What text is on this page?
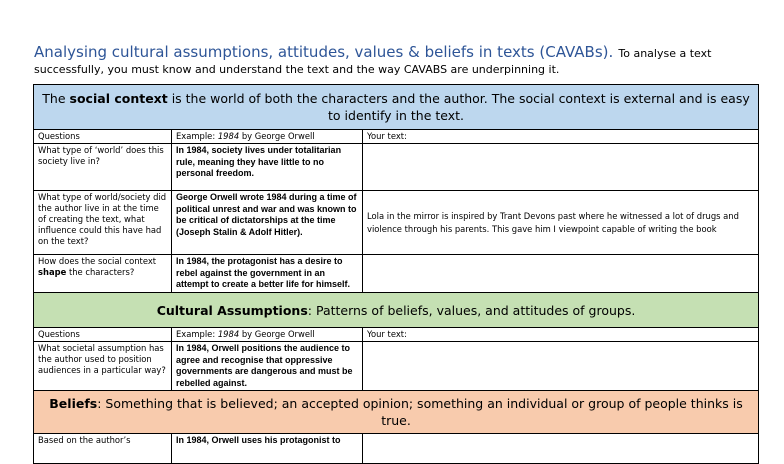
Analysing cultural assumptions, attitudes, values & beliefs in texts (CAVABs). To analyse a text
successfully, you must know and understand the text and the way CAVABS are underpinning it.
The social context is the world of both the characters and the author. The social context is external and is easy to identify in the text.		
Questions	Example: 1984 by George Orwell	Your text:
What type of ‘world’ does this society live in?	In 1984, society lives under totalitarian rule, meaning they have little to no personal freedom.	
What type of world/society did the author live in at the time of creating the text, what influence could this have had on the text?	George Orwell wrote 1984 during a time of political unrest and war and was known to be critical of dictatorships at the time (Joseph Stalin & Adolf Hitler).	Lola in the mirror is inspired by Trant Devons past where he witnessed a lot of drugs and violence through his parents. This gave him I viewpoint capable of writing the book
How does the social context shape the characters?	In 1984, the protagonist has a desire to rebel against the government in an attempt to create a better life for himself.	
Cultural Assumptions: Patterns of beliefs, values, and attitudes of groups.		
Questions	Example: 1984 by George Orwell	Your text:
What societal assumption has the author used to position audiences in a particular way?	In 1984, Orwell positions the audience to agree and recognise that oppressive governments are dangerous and must be rebelled against.	
Beliefs: Something that is believed; an accepted opinion; something an individual or group of people thinks is true.		
Based on the author’s	In 1984, Orwell uses his protagonist to	
